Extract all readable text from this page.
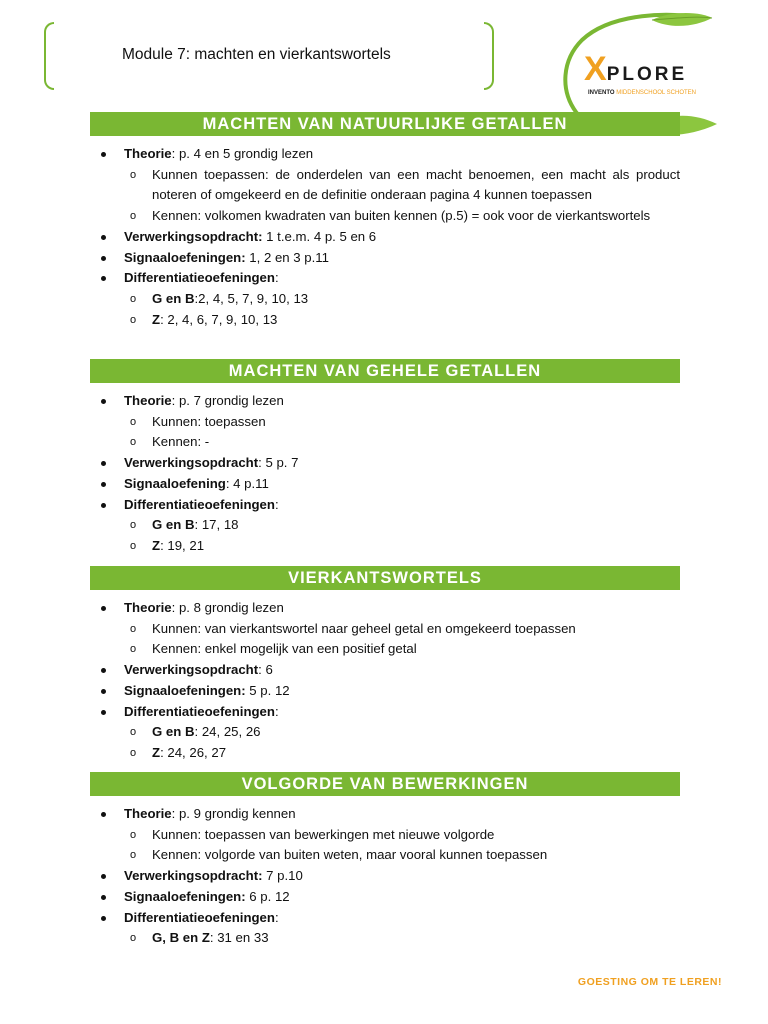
Module 7: machten en vierkantswortels	XPLORE
INVENTO MIDDENSCHOOL SCHOTEN
MACHTEN VAN NATUURLIJKE GETALLEN
Theorie: p. 4 en 5 grondig lezen
o Kunnen toepassen: de onderdelen van een macht benoemen, een macht als product noteren of omgekeerd en de definitie onderaan pagina 4 kunnen toepassen
o Kennen: volkomen kwadraten van buiten kennen (p.5) = ook voor de vierkantswortels
Verwerkingsopdracht: 1 t.e.m. 4 p. 5 en 6
Signaaloefeningen: 1, 2 en 3 p.11
Differentiatieoefeningen:
o G en B:2, 4, 5, 7, 9, 10, 13
o Z: 2, 4, 6, 7, 9, 10, 13
MACHTEN VAN GEHELE GETALLEN
Theorie: p. 7 grondig lezen
o Kunnen: toepassen
o Kennen: -
Verwerkingsopdracht: 5 p. 7
Signaaloefening: 4 p.11
Differentiatieoefeningen:
o G en B: 17, 18
o Z: 19, 21
VIERKANTSWORTELS
Theorie: p. 8 grondig lezen
o Kunnen: van vierkantswortel naar geheel getal en omgekeerd toepassen
o Kennen: enkel mogelijk van een positief getal
Verwerkingsopdracht: 6
Signaaloefeningen: 5 p. 12
Differentiatieoefeningen:
o G en B: 24, 25, 26
o Z: 24, 26, 27
VOLGORDE VAN BEWERKINGEN
Theorie: p. 9 grondig kennen
o Kunnen: toepassen van bewerkingen met nieuwe volgorde
o Kennen: volgorde van buiten weten, maar vooral kunnen toepassen
Verwerkingsopdracht: 7 p.10
Signaaloefeningen: 6 p. 12
Differentiatieoefeningen:
o G, B en Z: 31 en 33
GOESTING OM TE LEREN!
